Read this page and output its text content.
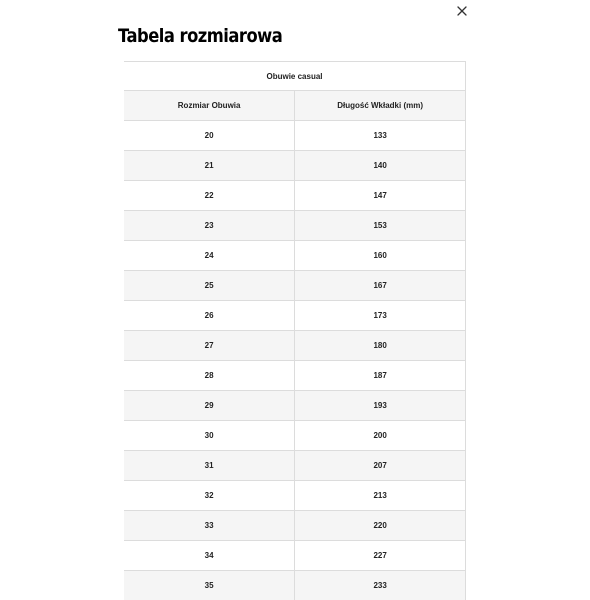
Tabela rozmiarowa
Obuwie casual	
Rozmiar Obuwia	Długość Wkładki (mm)
20	133
21	140
22	147
23	153
24	160
25	167
26	173
27	180
28	187
29	193
30	200
31	207
32	213
33	220
34	227
35	233
